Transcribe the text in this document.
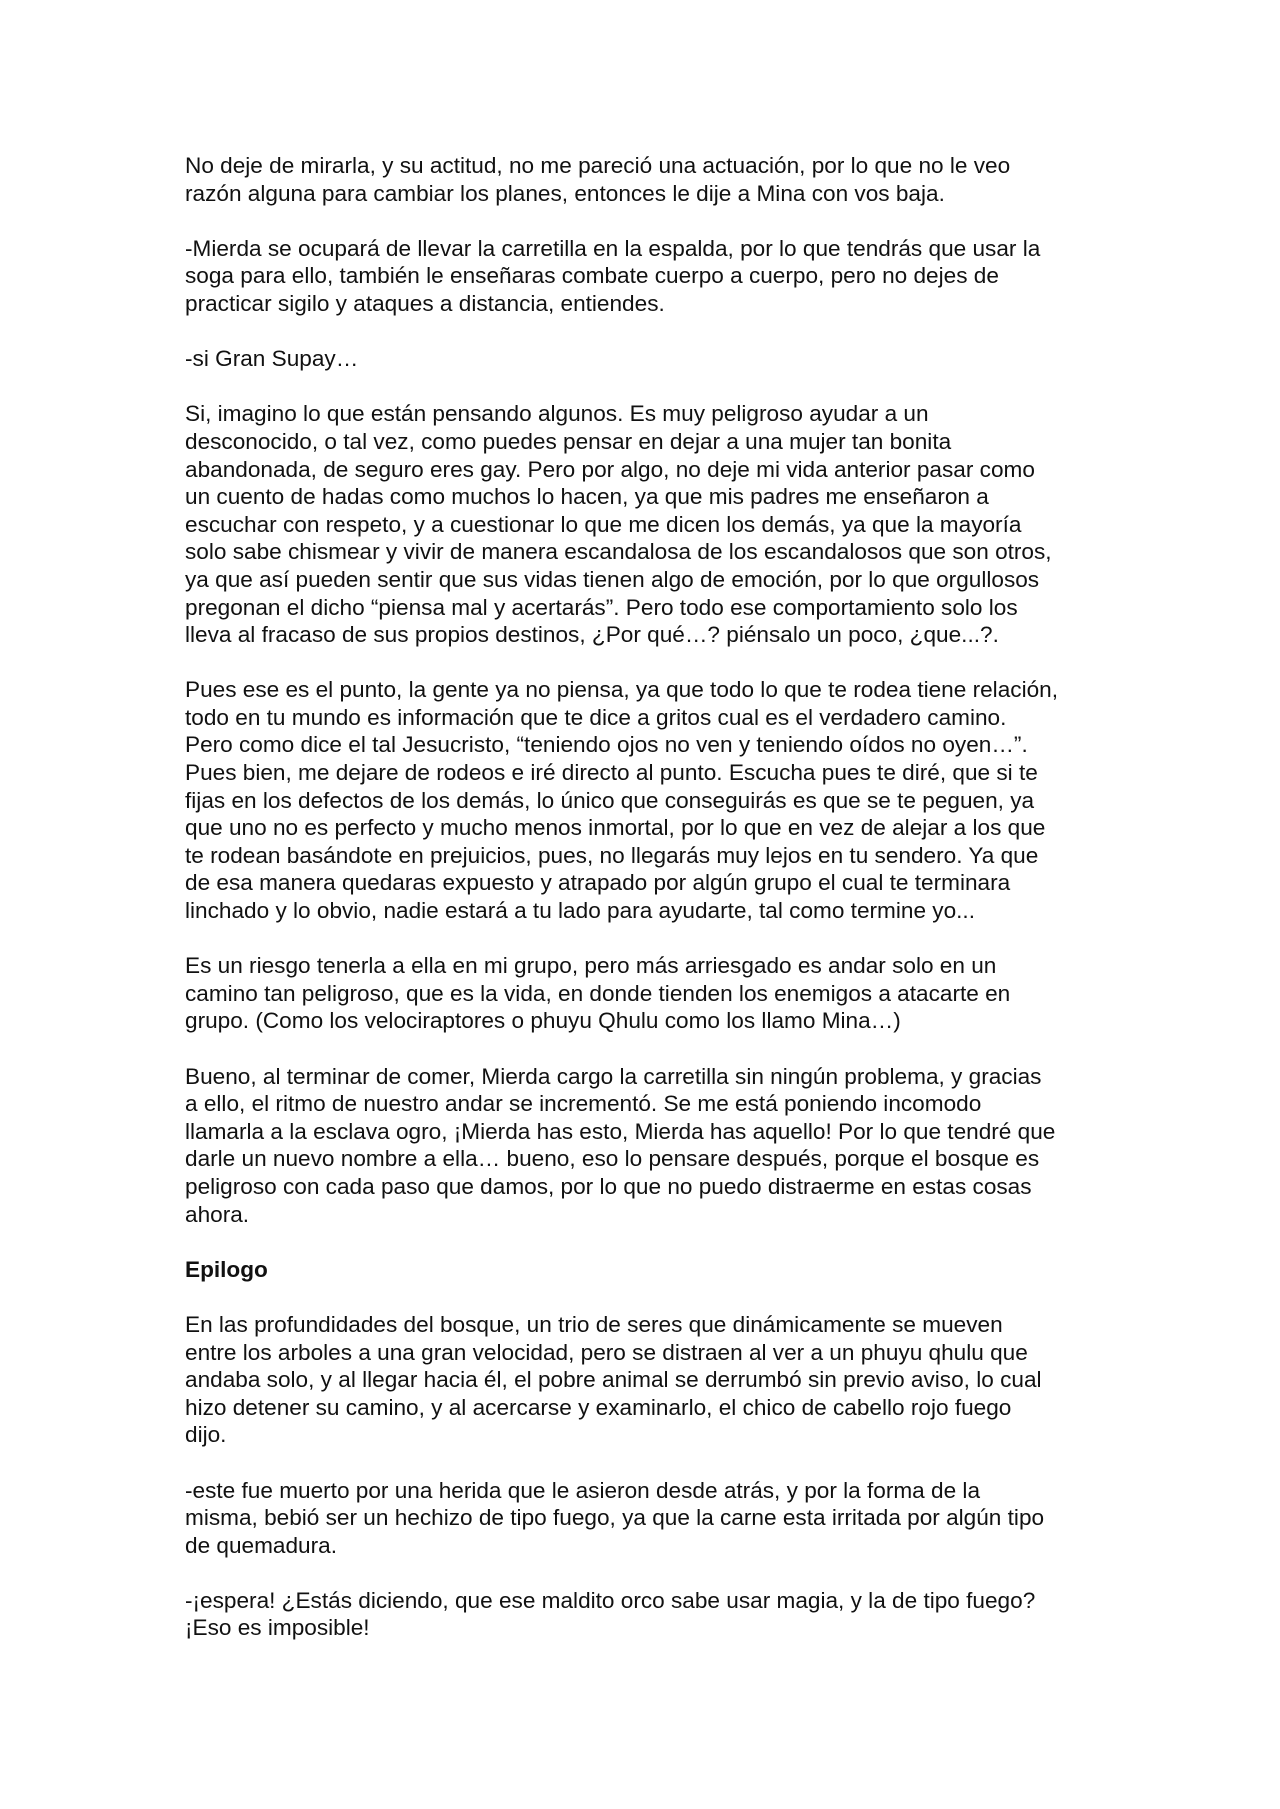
No deje de mirarla, y su actitud, no me pareció una actuación, por lo que no le veo
razón alguna para cambiar los planes, entonces le dije a Mina con vos baja.

-Mierda se ocupará de llevar la carretilla en la espalda, por lo que tendrás que usar la
soga para ello, también le enseñaras combate cuerpo a cuerpo, pero no dejes de
practicar sigilo y ataques a distancia, entiendes.

-si Gran Supay…

Si, imagino lo que están pensando algunos. Es muy peligroso ayudar a un
desconocido, o tal vez, como puedes pensar en dejar a una mujer tan bonita
abandonada, de seguro eres gay. Pero por algo, no deje mi vida anterior pasar como
un cuento de hadas como muchos lo hacen, ya que mis padres me enseñaron a
escuchar con respeto, y a cuestionar lo que me dicen los demás, ya que la mayoría
solo sabe chismear y vivir de manera escandalosa de los escandalosos que son otros,
ya que así pueden sentir que sus vidas tienen algo de emoción, por lo que orgullosos
pregonan el dicho “piensa mal y acertarás”. Pero todo ese comportamiento solo los
lleva al fracaso de sus propios destinos, ¿Por qué…? piénsalo un poco, ¿que...?.

Pues ese es el punto, la gente ya no piensa, ya que todo lo que te rodea tiene relación,
todo en tu mundo es información que te dice a gritos cual es el verdadero camino.
Pero como dice el tal Jesucristo, “teniendo ojos no ven y teniendo oídos no oyen…”.
Pues bien, me dejare de rodeos e iré directo al punto. Escucha pues te diré, que si te
fijas en los defectos de los demás, lo único que conseguirás es que se te peguen, ya
que uno no es perfecto y mucho menos inmortal, por lo que en vez de alejar a los que
te rodean basándote en prejuicios, pues, no llegarás muy lejos en tu sendero. Ya que
de esa manera quedaras expuesto y atrapado por algún grupo el cual te terminara
linchado y lo obvio, nadie estará a tu lado para ayudarte, tal como termine yo...

Es un riesgo tenerla a ella en mi grupo, pero más arriesgado es andar solo en un
camino tan peligroso, que es la vida, en donde tienden los enemigos a atacarte en
grupo. (Como los velociraptores o phuyu Qhulu como los llamo Mina…)

Bueno, al terminar de comer, Mierda cargo la carretilla sin ningún problema, y gracias
a ello, el ritmo de nuestro andar se incrementó. Se me está poniendo incomodo
llamarla a la esclava ogro, ¡Mierda has esto, Mierda has aquello! Por lo que tendré que
darle un nuevo nombre a ella… bueno, eso lo pensare después, porque el bosque es
peligroso con cada paso que damos, por lo que no puedo distraerme en estas cosas
ahora.

Epilogo

En las profundidades del bosque, un trio de seres que dinámicamente se mueven
entre los arboles a una gran velocidad, pero se distraen al ver a un phuyu qhulu que
andaba solo, y al llegar hacia él, el pobre animal se derrumbó sin previo aviso, lo cual
hizo detener su camino, y al acercarse y examinarlo, el chico de cabello rojo fuego
dijo.

-este fue muerto por una herida que le asieron desde atrás, y por la forma de la
misma, bebió ser un hechizo de tipo fuego, ya que la carne esta irritada por algún tipo
de quemadura.

-¡espera! ¿Estás diciendo, que ese maldito orco sabe usar magia, y la de tipo fuego?
¡Eso es imposible!
